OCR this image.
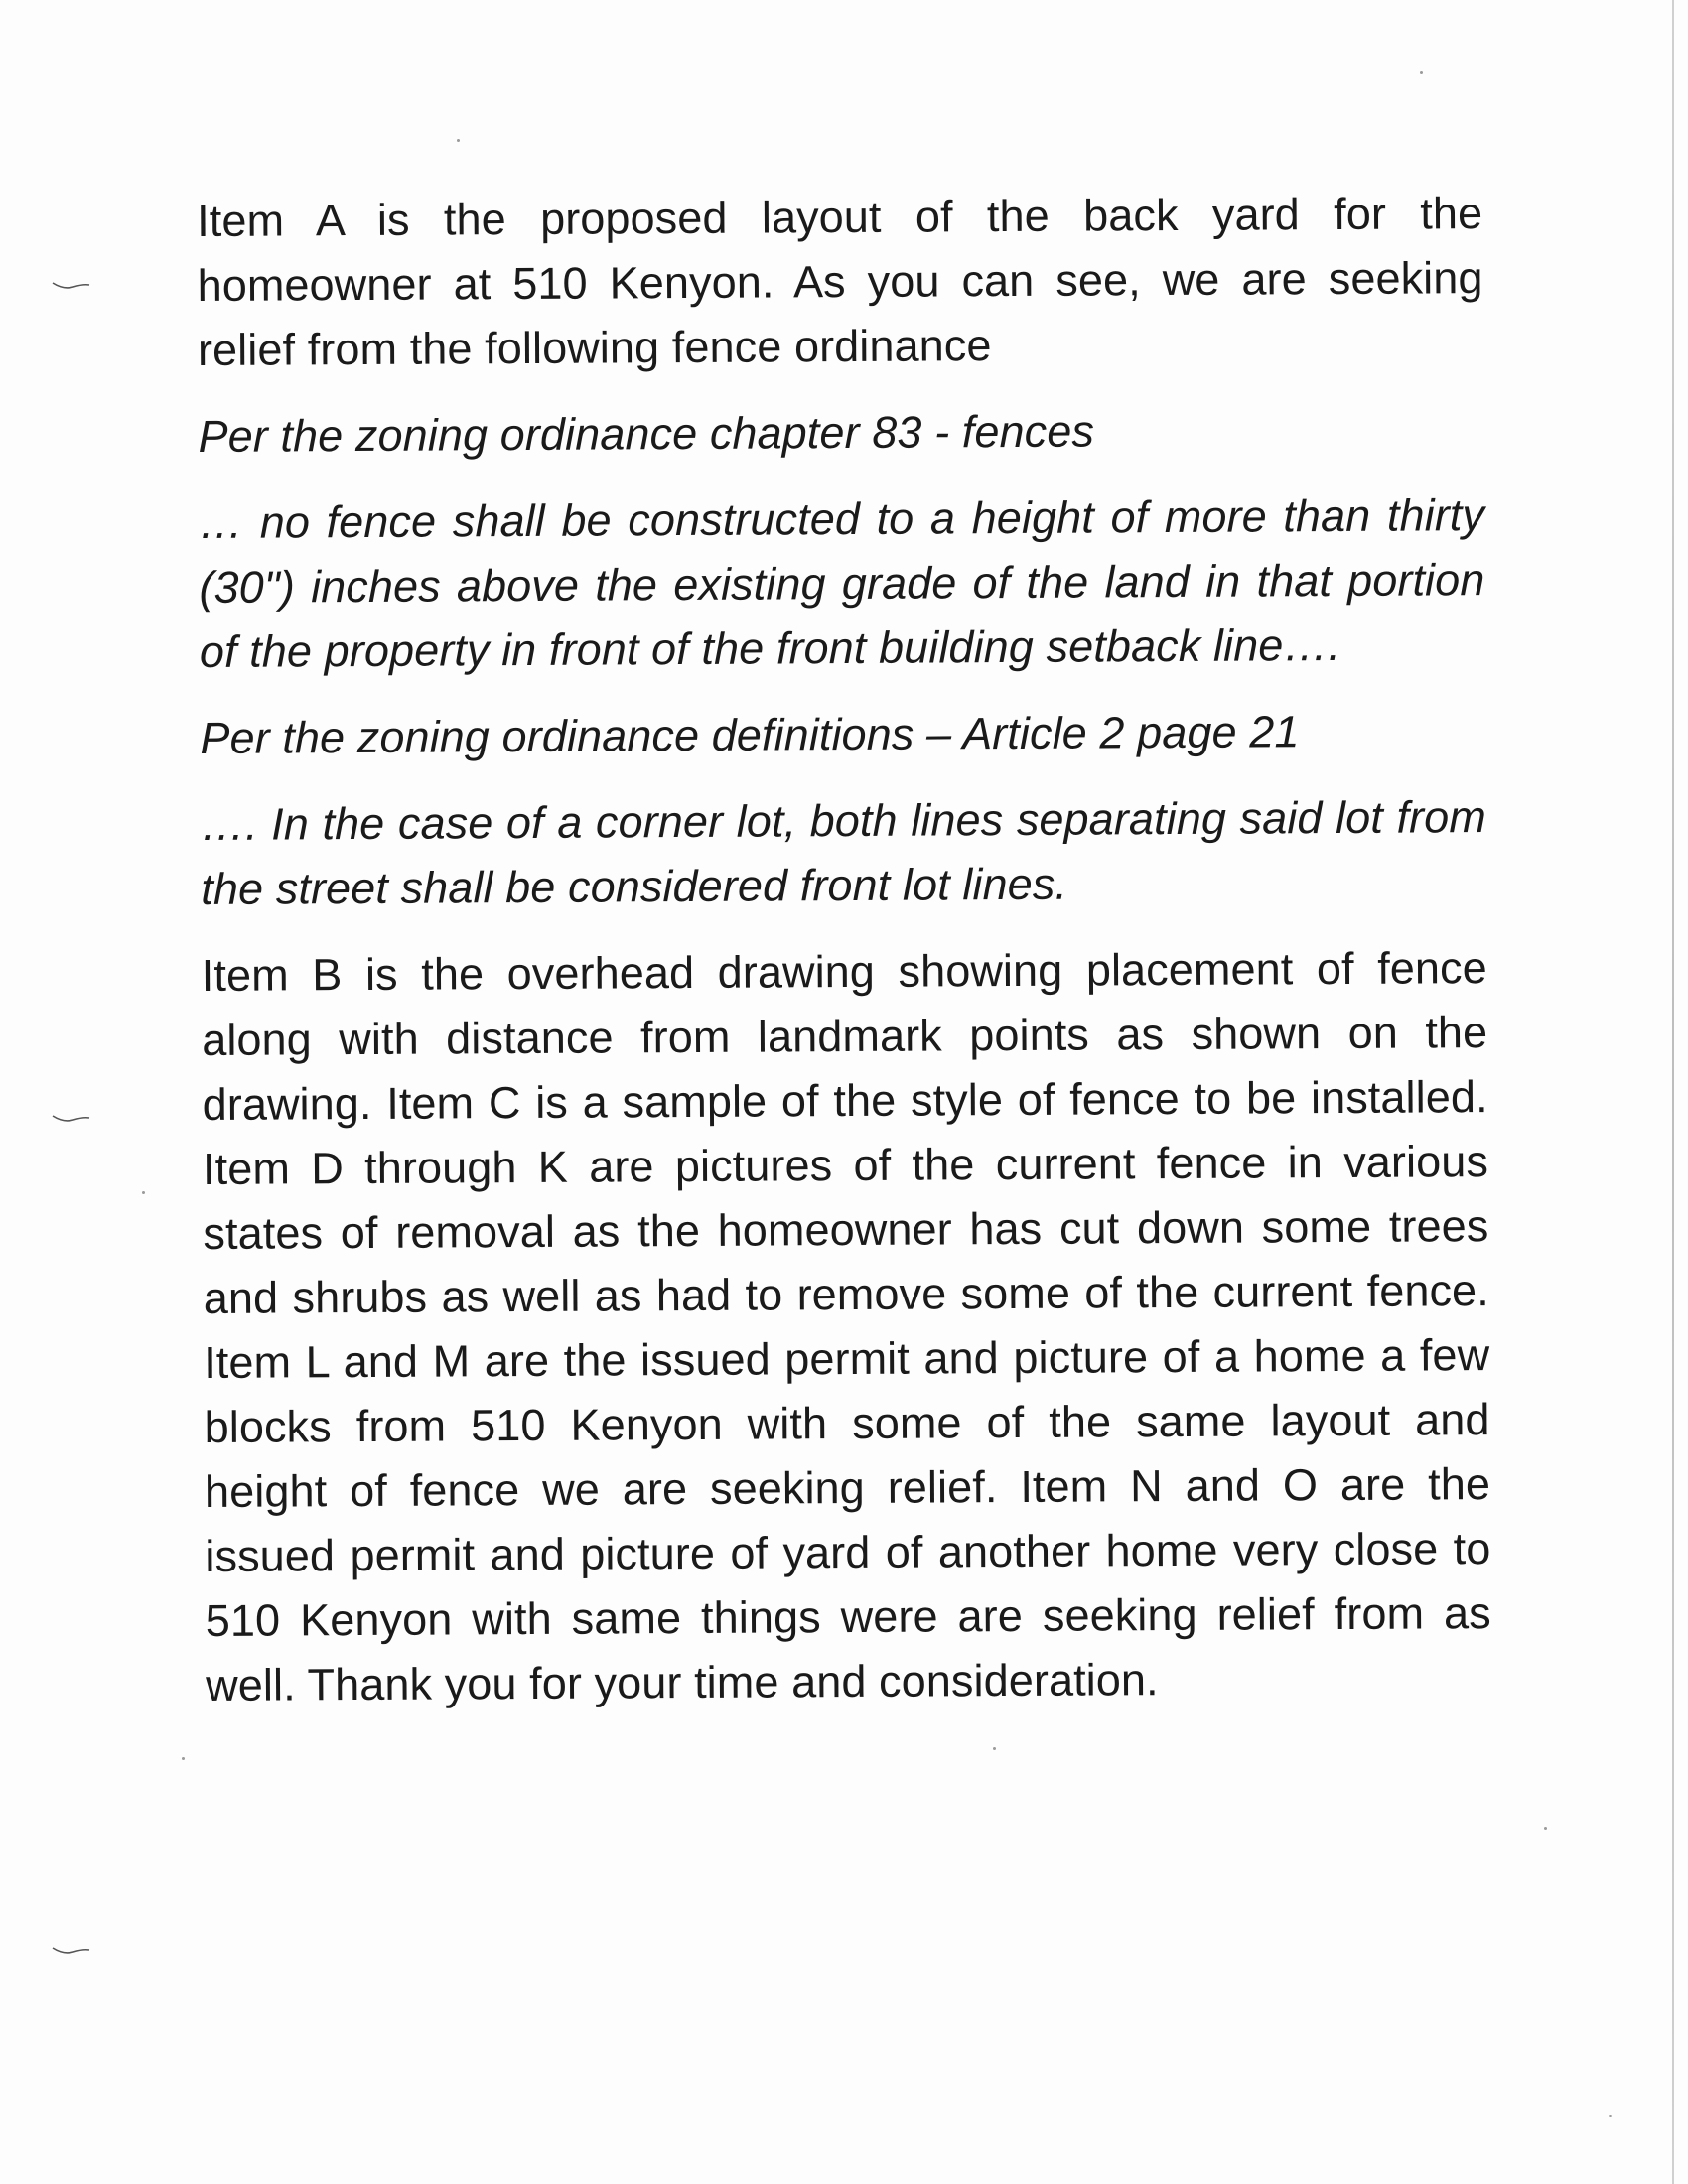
Item A is the proposed layout of the back yard for the homeowner at 510 Kenyon. As you can see, we are seeking relief from the following fence ordinance

Per the zoning ordinance chapter 83 - fences

… no fence shall be constructed to a height of more than thirty (30") inches above the existing grade of the land in that portion of the property in front of the front building setback line….

Per the zoning ordinance definitions – Article 2 page 21

…. In the case of a corner lot, both lines separating said lot from the street shall be considered front lot lines.

Item B is the overhead drawing showing placement of fence along with distance from landmark points as shown on the drawing. Item C is a sample of the style of fence to be installed. Item D through K are pictures of the current fence in various states of removal as the homeowner has cut down some trees and shrubs as well as had to remove some of the current fence. Item L and M are the issued permit and picture of a home a few blocks from 510 Kenyon with some of the same layout and height of fence we are seeking relief. Item N and O are the issued permit and picture of yard of another home very close to 510 Kenyon with same things were are seeking relief from as well. Thank you for your time and consideration.
